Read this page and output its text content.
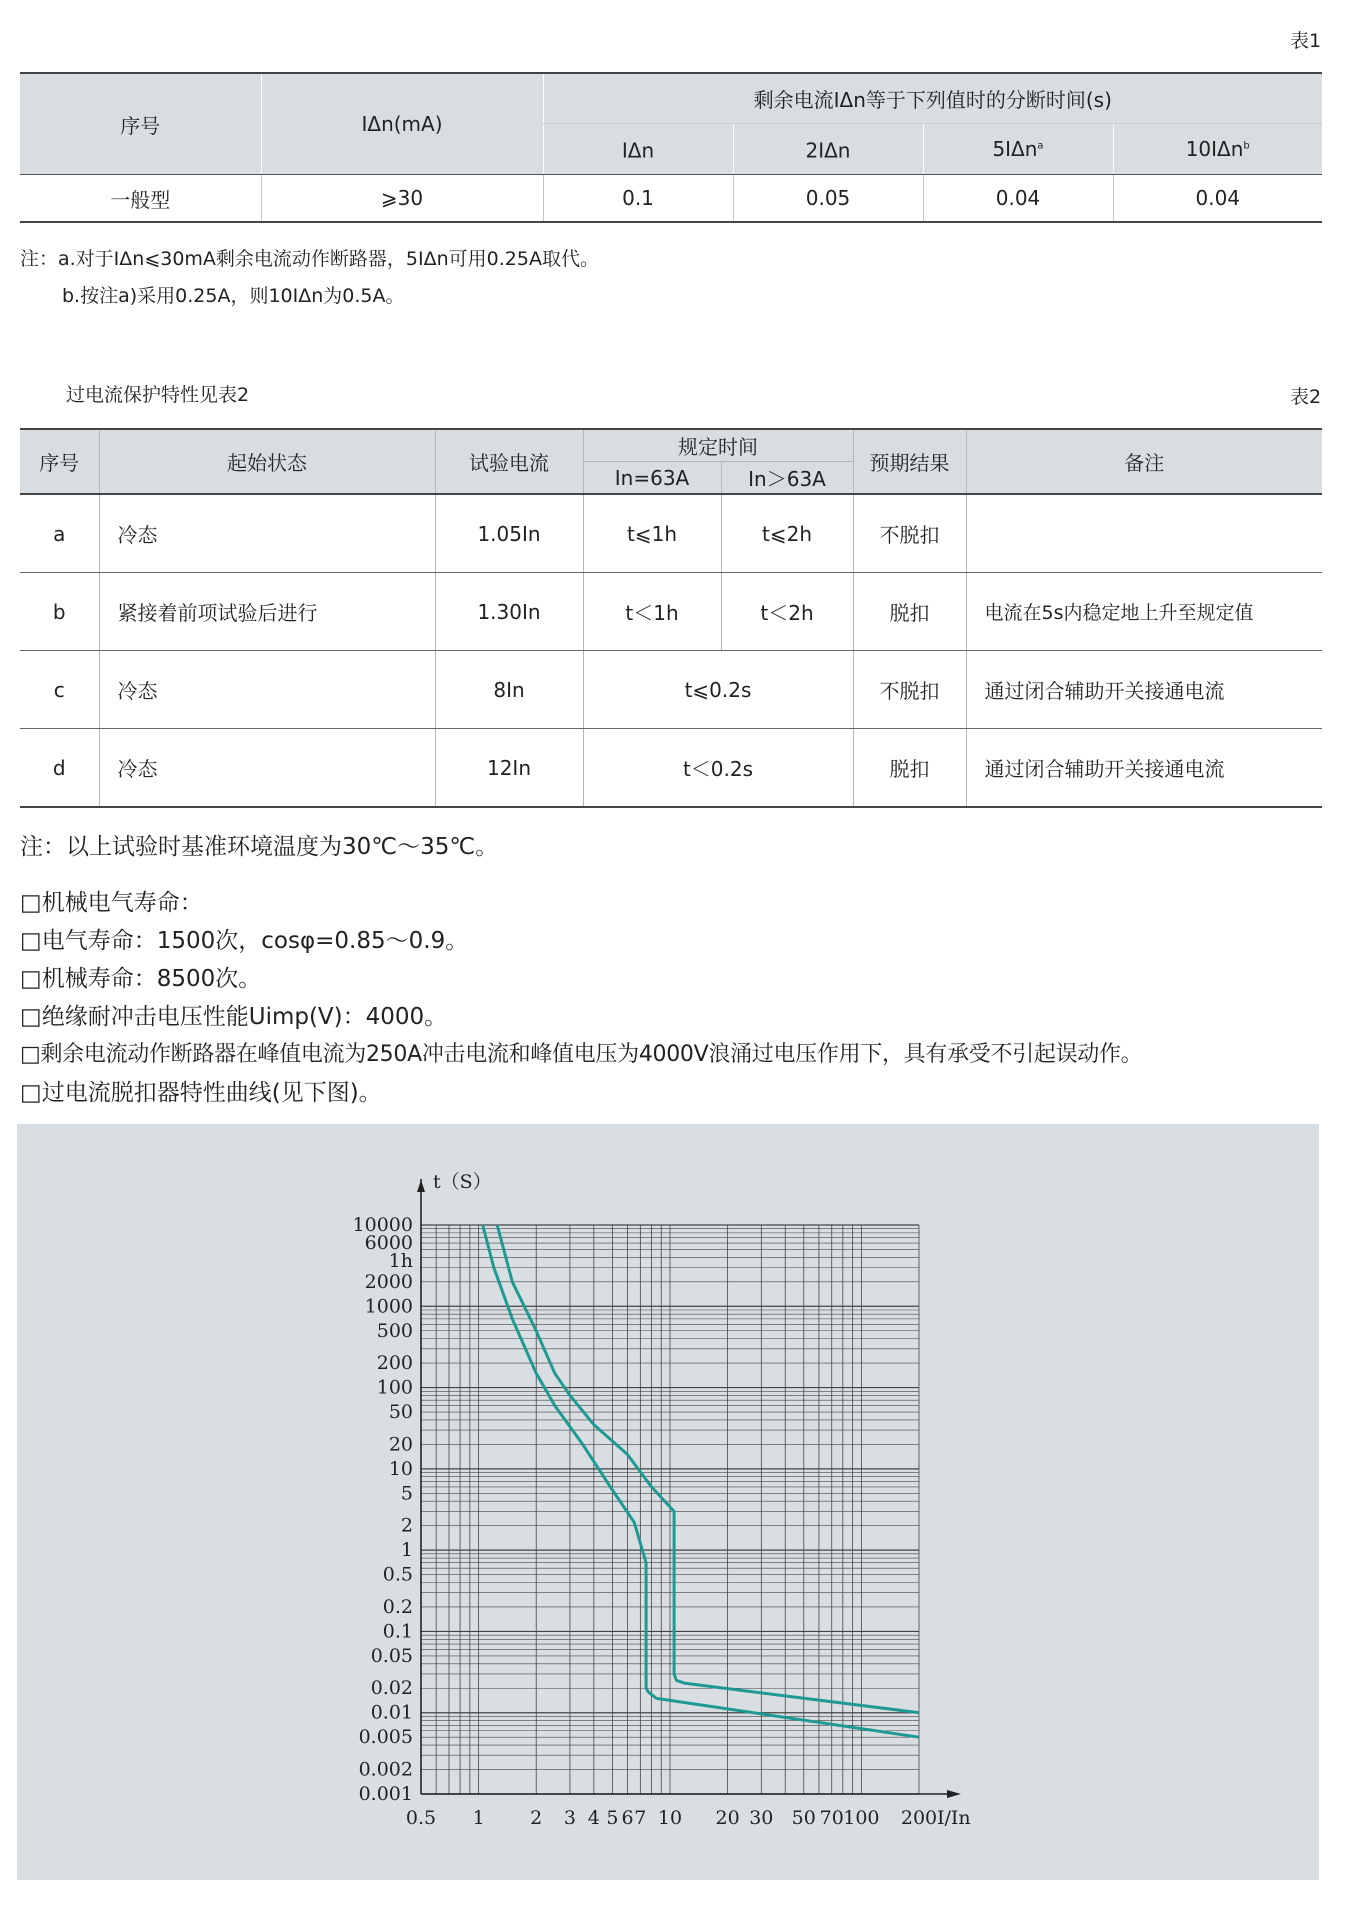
表1
序号	IΔn(mA)	剩余电流IΔn等于下列值时的分断时间(s)			
		IΔn	2IΔn	5IΔn$^a$	10IΔn$^b$
一般型	⩾30	0.1	0.05	0.04	0.04
注：a.对于IΔn⩽30mA剩余电流动作断路器，5IΔn可用0.25A取代。
b.按注a)采用0.25A，则10IΔn为0.5A。
过电流保护特性见表2	表2
序号	起始状态	试验电流	规定时间		预期结果	备注
			In=63A	In＞63A		
a	冷态	1.05In	t⩽1h	t⩽2h	不脱扣	
b	紧接着前项试验后进行	1.30In	t＜1h	t＜2h	脱扣	电流在5s内稳定地上升至规定值
c	冷态	8In	t⩽0.2s		不脱扣	通过闭合辅助开关接通电流
d	冷态	12In	t＜0.2s		脱扣	通过闭合辅助开关接通电流
注：以上试验时基准环境温度为30℃～35℃。
□机械电气寿命：
□电气寿命：1500次，cosφ=0.85～0.9。
□机械寿命：8500次。
□绝缘耐冲击电压性能Uimp(V)：4000。
□剩余电流动作断路器在峰值电流为250A冲击电流和峰值电压为4000V浪涌过电压作用下，具有承受不引起误动作。
□过电流脱扣器特性曲线(见下图)。
10000
6000
1h
2000
1000
500
200
100
50
20
10
5
2
1
0.5
0.2
0.1
0.05
0.02
0.01
0.005
0.002
0.001
0.5 1 2 3 4 5 6 7 10 20 30 50 70 100 200
t（S）
I/In
